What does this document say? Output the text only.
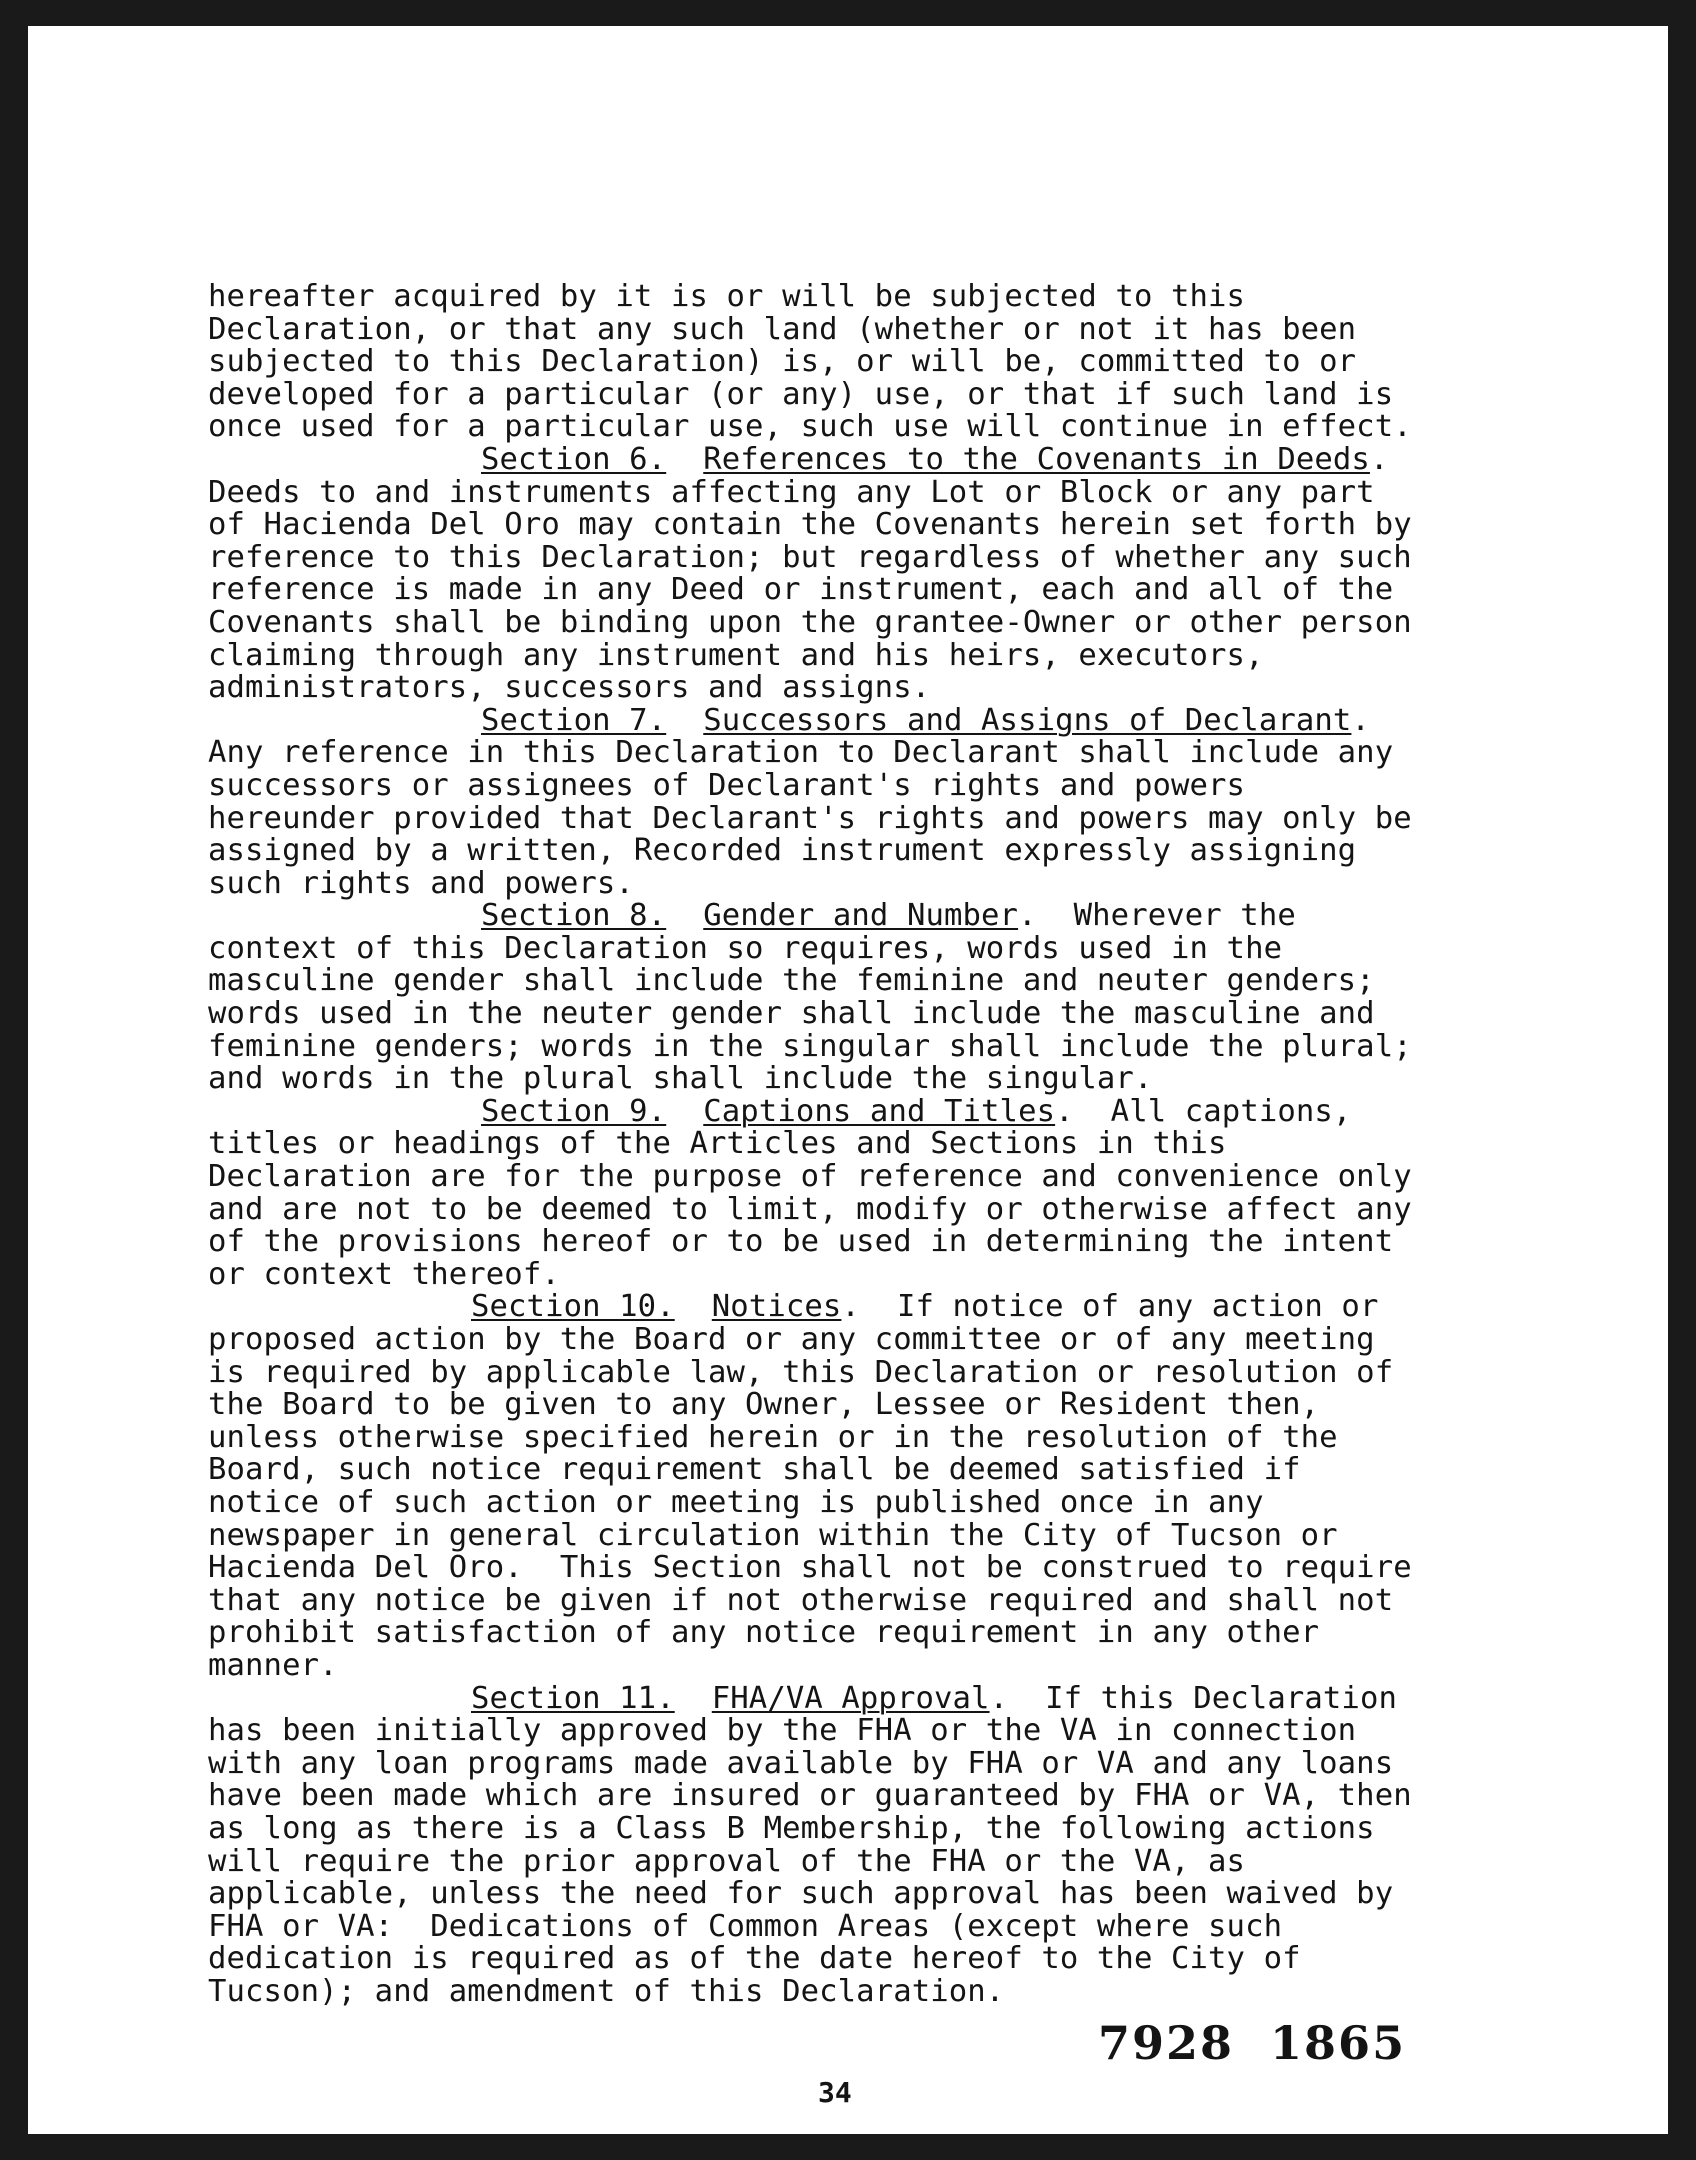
hereafter acquired by it is or will be subjected to this
Declaration, or that any such land (whether or not it has been
subjected to this Declaration) is, or will be, committed to or
developed for a particular (or any) use, or that if such land is
once used for a particular use, such use will continue in effect.
Section 6. References to the Covenants in Deeds.
Deeds to and instruments affecting any Lot or Block or any part
of Hacienda Del Oro may contain the Covenants herein set forth by
reference to this Declaration; but regardless of whether any such
reference is made in any Deed or instrument, each and all of the
Covenants shall be binding upon the grantee-Owner or other person
claiming through any instrument and his heirs, executors,
administrators, successors and assigns.
Section 7. Successors and Assigns of Declarant.
Any reference in this Declaration to Declarant shall include any
successors or assignees of Declarant's rights and powers
hereunder provided that Declarant's rights and powers may only be
assigned by a written, Recorded instrument expressly assigning
such rights and powers.
Section 8. Gender and Number.  Wherever the
context of this Declaration so requires, words used in the
masculine gender shall include the feminine and neuter genders;
words used in the neuter gender shall include the masculine and
feminine genders; words in the singular shall include the plural;
and words in the plural shall include the singular.
Section 9. Captions and Titles.  All captions,
titles or headings of the Articles and Sections in this
Declaration are for the purpose of reference and convenience only
and are not to be deemed to limit, modify or otherwise affect any
of the provisions hereof or to be used in determining the intent
or context thereof.
Section 10. Notices.  If notice of any action or
proposed action by the Board or any committee or of any meeting
is required by applicable law, this Declaration or resolution of
the Board to be given to any Owner, Lessee or Resident then,
unless otherwise specified herein or in the resolution of the
Board, such notice requirement shall be deemed satisfied if
notice of such action or meeting is published once in any
newspaper in general circulation within the City of Tucson or
Hacienda Del Oro.  This Section shall not be construed to require
that any notice be given if not otherwise required and shall not
prohibit satisfaction of any notice requirement in any other
manner.
Section 11. FHA/VA Approval.  If this Declaration
has been initially approved by the FHA or the VA in connection
with any loan programs made available by FHA or VA and any loans
have been made which are insured or guaranteed by FHA or VA, then
as long as there is a Class B Membership, the following actions
will require the prior approval of the FHA or the VA, as
applicable, unless the need for such approval has been waived by
FHA or VA:  Dedications of Common Areas (except where such
dedication is required as of the date hereof to the City of
Tucson); and amendment of this Declaration.
7928 1865
34
